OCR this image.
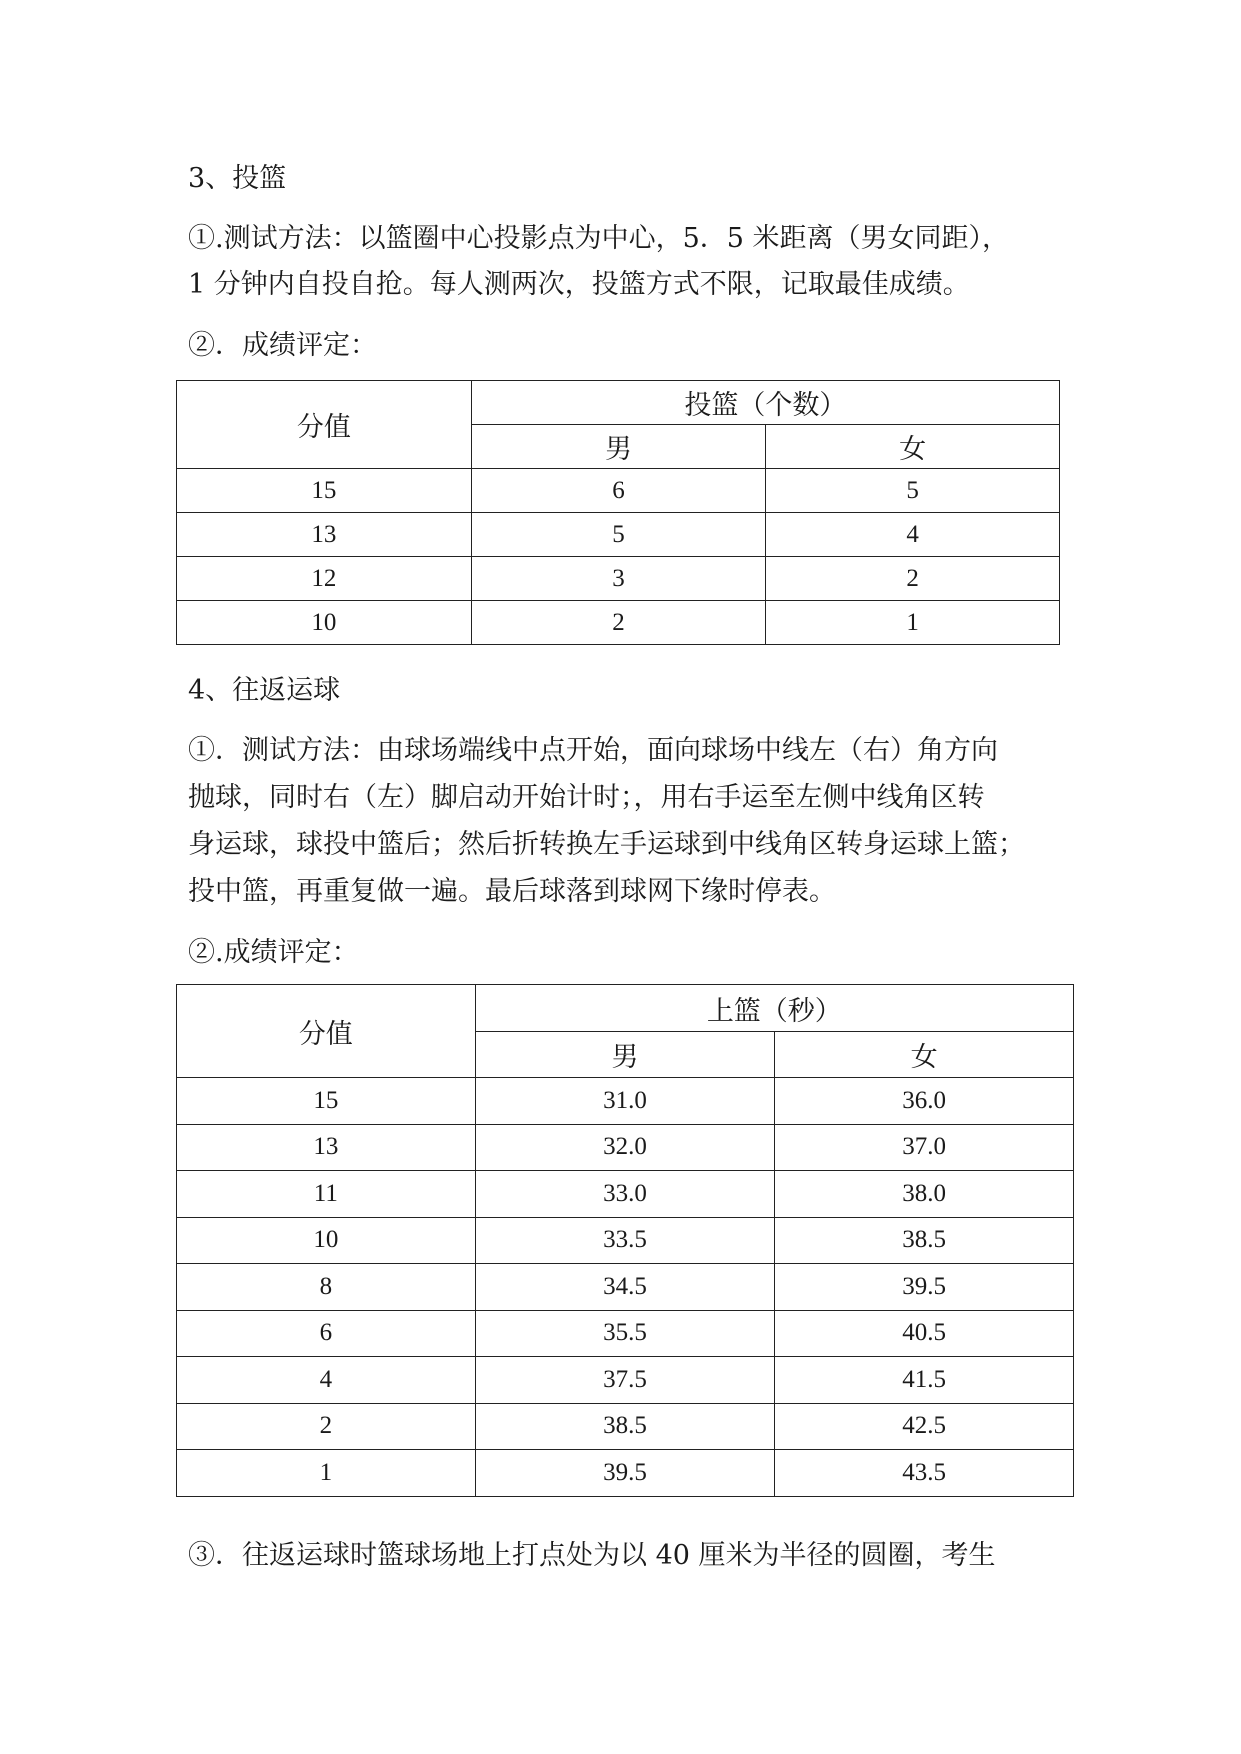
3、投篮
①.测试方法：以篮圈中心投影点为中心，5．5 米距离（男女同距），
1 分钟内自投自抢。每人测两次，投篮方式不限，记取最佳成绩。
②．成绩评定：
分值	投篮（个数）	
	男	女
15	6	5
13	5	4
12	3	2
10	2	1
4、往返运球
①．测试方法：由球场端线中点开始，面向球场中线左（右）角方向
抛球，同时右（左）脚启动开始计时；，用右手运至左侧中线角区转
身运球，球投中篮后；然后折转换左手运球到中线角区转身运球上篮；
投中篮，再重复做一遍。最后球落到球网下缘时停表。
②.成绩评定：
分值	上篮（秒）	
	男	女
15	31.0	36.0
13	32.0	37.0
11	33.0	38.0
10	33.5	38.5
8	34.5	39.5
6	35.5	40.5
4	37.5	41.5
2	38.5	42.5
1	39.5	43.5
③．往返运球时篮球场地上打点处为以 40 厘米为半径的圆圈，考生
